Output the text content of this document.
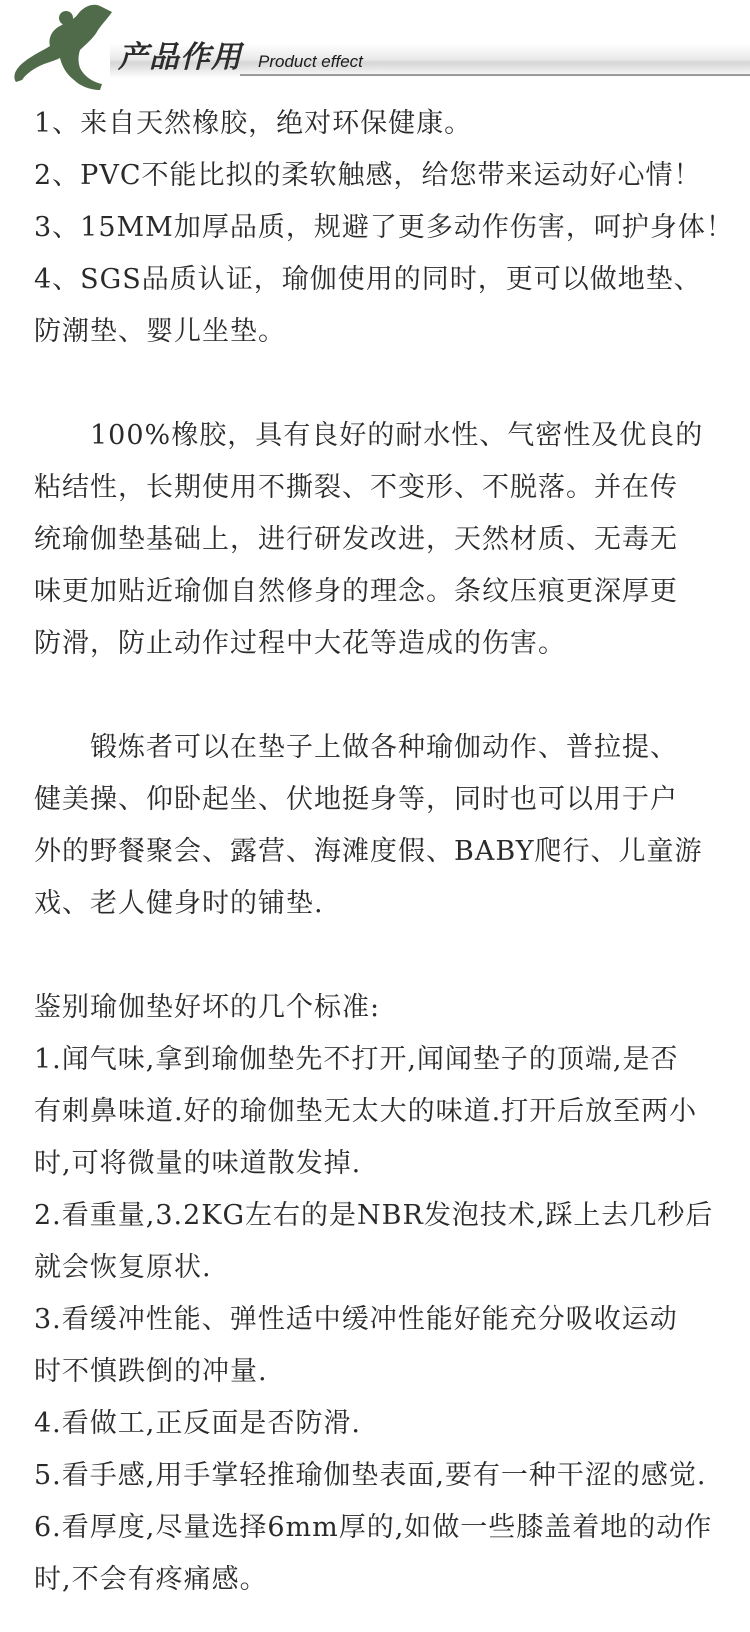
产品作用 Product effect

1、来自天然橡胶，绝对环保健康。

2、PVC不能比拟的柔软触感，给您带来运动好心情！

3、15MM加厚品质，规避了更多动作伤害，呵护身体！

4、SGS品质认证，瑜伽使用的同时，更可以做地垫、

防潮垫、婴儿坐垫。

100%橡胶，具有良好的耐水性、气密性及优良的

粘结性，长期使用不撕裂、不变形、不脱落。并在传

统瑜伽垫基础上，进行研发改进，天然材质、无毒无

味更加贴近瑜伽自然修身的理念。条纹压痕更深厚更

防滑，防止动作过程中大花等造成的伤害。

锻炼者可以在垫子上做各种瑜伽动作、普拉提、

健美操、仰卧起坐、伏地挺身等，同时也可以用于户

外的野餐聚会、露营、海滩度假、BABY爬行、儿童游

戏、老人健身时的铺垫.

鉴别瑜伽垫好坏的几个标准:

1.闻气味,拿到瑜伽垫先不打开,闻闻垫子的顶端,是否

有刺鼻味道.好的瑜伽垫无太大的味道.打开后放至两小

时,可将微量的味道散发掉.

2.看重量,3.2KG左右的是NBR发泡技术,踩上去几秒后

就会恢复原状.

3.看缓冲性能、弹性适中缓冲性能好能充分吸收运动

时不慎跌倒的冲量.

4.看做工,正反面是否防滑.

5.看手感,用手掌轻推瑜伽垫表面,要有一种干涩的感觉.

6.看厚度,尽量选择6mm厚的,如做一些膝盖着地的动作

时,不会有疼痛感。
